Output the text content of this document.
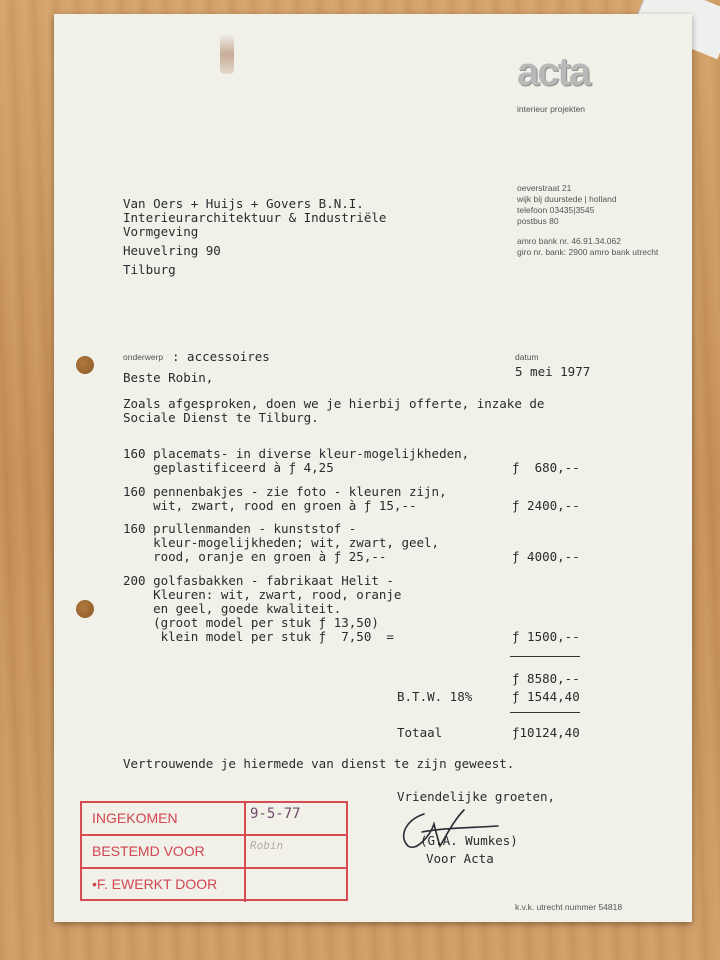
acta
interieur projekten
oeverstraat 21
wijk bij duurstede | holland
telefoon 03435|3545
postbus 80
amro bank nr. 46.91.34.062
giro nr. bank: 2900 amro bank utrecht
Van Oers + Huijs + Govers B.N.I.
Interieurarchitektuur & Industriële
Vormgeving
Heuvelring 90
Tilburg
onderwerp : accessoires	datum
5 mei 1977
Beste Robin,
Zoals afgesproken, doen we je hierbij offerte, inzake de
Sociale Dienst te Tilburg.
160 placemats- in diverse kleur-mogelijkheden,
geplastificeerd à ƒ 4,25	ƒ  680,--
160 pennenbakjes - zie foto - kleuren zijn,
wit, zwart, rood en groen à ƒ 15,--	ƒ 2400,--
160 prullenmanden - kunststof -
kleur-mogelijkheden; wit, zwart, geel,
rood, oranje en groen à ƒ 25,--	ƒ 4000,--
200 golfasbakken - fabrikaat Helit -
Kleuren: wit, zwart, rood, oranje
en geel, goede kwaliteit.
(groot model per stuk ƒ 13,50)
klein model per stuk ƒ  7,50  =	ƒ 1500,--
ƒ 8580,--
B.T.W. 18%	ƒ 1544,40
Totaal	ƒ10124,40
Vertrouwende je hiermede van dienst te zijn geweest.
Vriendelijke groeten,
(G.A. Wumkes)
Voor Acta
k.v.k. utrecht nummer 54818
INGEKOMEN	9-5-77
BESTEMD VOOR	Robin
•F. EWERKT DOOR
